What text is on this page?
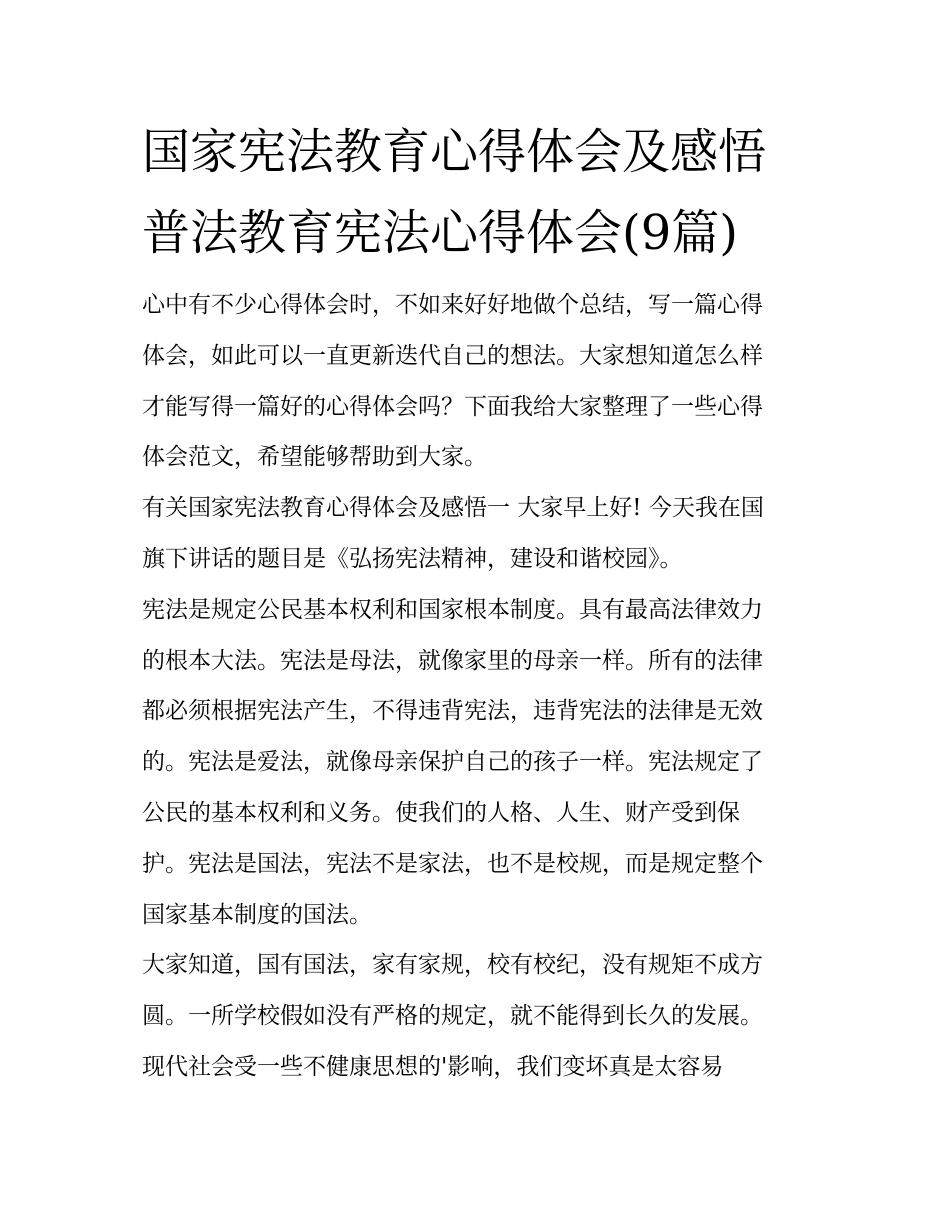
国家宪法教育心得体会及感悟
普法教育宪法心得体会(9篇)
心中有不少心得体会时，不如来好好地做个总结，写一篇心得
体会，如此可以一直更新迭代自己的想法。大家想知道怎么样
才能写得一篇好的心得体会吗？下面我给大家整理了一些心得
体会范文，希望能够帮助到大家。
有关国家宪法教育心得体会及感悟一 大家早上好! 今天我在国
旗下讲话的题目是《弘扬宪法精神，建设和谐校园》。
宪法是规定公民基本权利和国家根本制度。具有最高法律效力
的根本大法。宪法是母法，就像家里的母亲一样。所有的法律
都必须根据宪法产生，不得违背宪法，违背宪法的法律是无效
的。宪法是爱法，就像母亲保护自己的孩子一样。宪法规定了
公民的基本权利和义务。使我们的人格、人生、财产受到保
护。宪法是国法，宪法不是家法，也不是校规，而是规定整个
国家基本制度的国法。
大家知道，国有国法，家有家规，校有校纪，没有规矩不成方
圆。一所学校假如没有严格的规定，就不能得到长久的发展。
现代社会受一些不健康思想的'影响，我们变坏真是太容易
